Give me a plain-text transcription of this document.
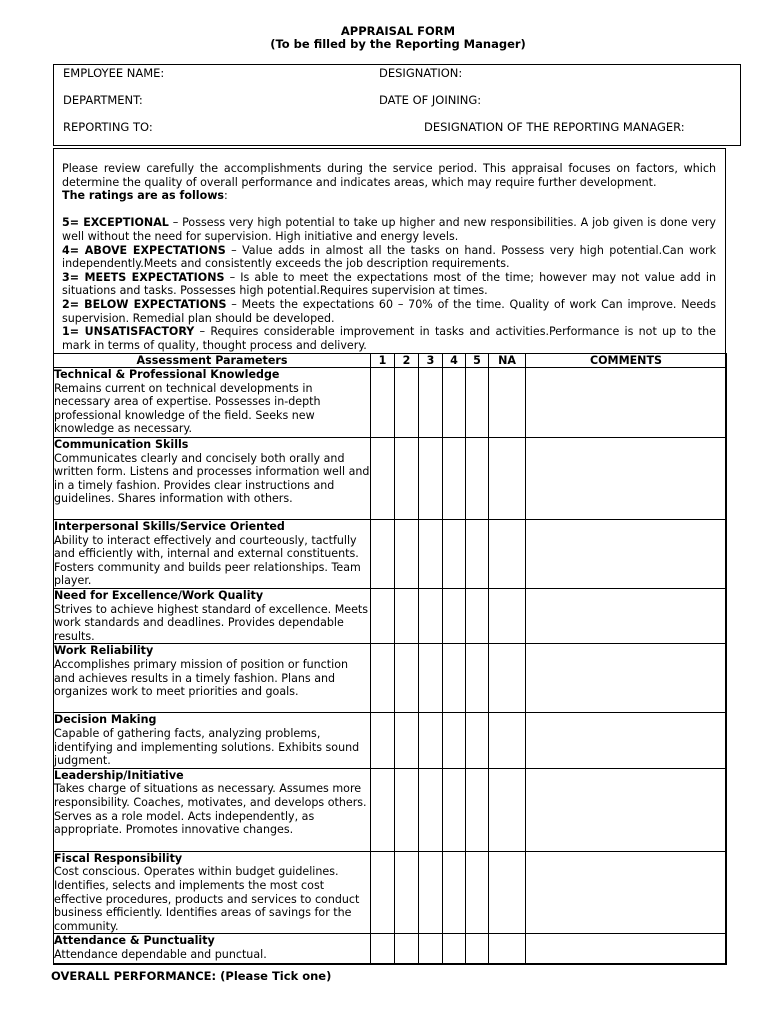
APPRAISAL FORM
(To be filled by the Reporting Manager)
EMPLOYEE NAME:	DESIGNATION:
DEPARTMENT:	DATE OF JOINING:
REPORTING TO:	DESIGNATION OF THE REPORTING MANAGER:

Please review carefully the accomplishments during the service period. This appraisal focuses on factors, which determine the quality of overall performance and indicates areas, which may require further development.

The ratings are as follows:

5= EXCEPTIONAL – Possess very high potential to take up higher and new responsibilities. A job given is done very well without the need for supervision. High initiative and energy levels.

4= ABOVE EXPECTATIONS – Value adds in almost all the tasks on hand. Possess very high potential.Can work independently.Meets and consistently exceeds the job description requirements.

3= MEETS EXPECTATIONS – Is able to meet the expectations most of the time; however may not value add in situations and tasks. Possesses high potential.Requires supervision at times.

2= BELOW EXPECTATIONS – Meets the expectations 60 – 70% of the time. Quality of work Can improve. Needs supervision. Remedial plan should be developed.

1= UNSATISFACTORY – Requires considerable improvement in tasks and activities.Performance is not up to the mark in terms of quality, thought process and delivery.

Assessment Parameters	1	2	3	4	5	NA	COMMENTS

Technical & Professional Knowledge
Remains current on technical developments in necessary area of expertise. Possesses in-depth professional knowledge of the field. Seeks new knowledge as necessary.							

Communication Skills
Communicates clearly and concisely both orally and written form. Listens and processes information well and in a timely fashion. Provides clear instructions and guidelines. Shares information with others.							

Interpersonal Skills/Service Oriented
Ability to interact effectively and courteously, tactfully and efficiently with, internal and external constituents. Fosters community and builds peer relationships. Team player.							

Need for Excellence/Work Quality
Strives to achieve highest standard of excellence. Meets work standards and deadlines. Provides dependable results.							

Work Reliability
Accomplishes primary mission of position or function and achieves results in a timely fashion. Plans and organizes work to meet priorities and goals.							

Decision Making
Capable of gathering facts, analyzing problems, identifying and implementing solutions. Exhibits sound judgment.							

Leadership/Initiative
Takes charge of situations as necessary. Assumes more responsibility. Coaches, motivates, and develops others. Serves as a role model. Acts independently, as appropriate. Promotes innovative changes.							

Fiscal Responsibility
Cost conscious. Operates within budget guidelines. Identifies, selects and implements the most cost effective procedures, products and services to conduct business efficiently. Identifies areas of savings for the community.							

Attendance & Punctuality
Attendance dependable and punctual.							

OVERALL PERFORMANCE: (Please Tick one)
